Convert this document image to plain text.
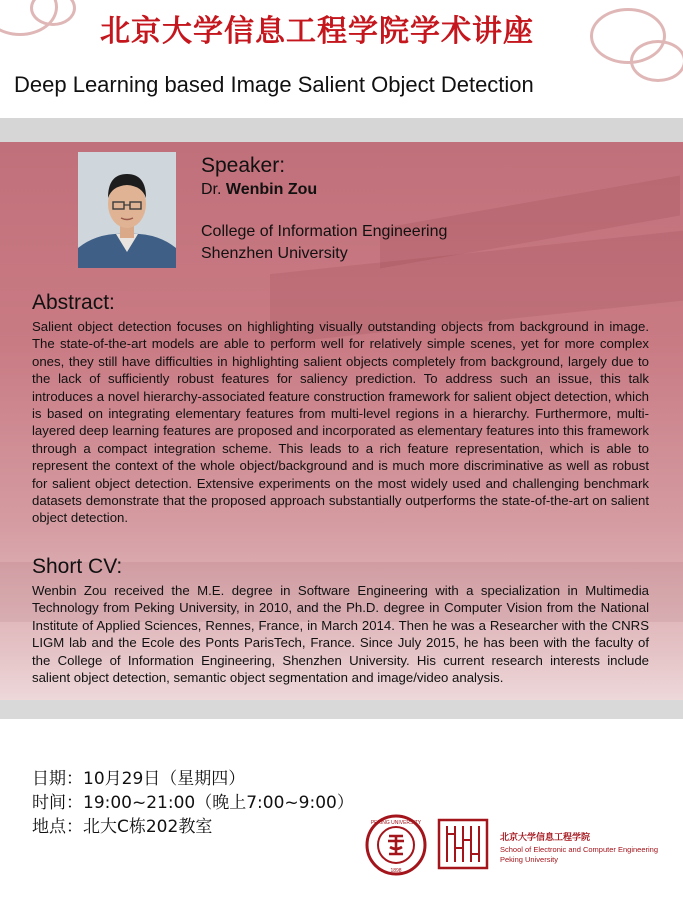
北京大学信息工程学院学术讲座
Deep Learning based Image Salient Object Detection
Speaker:
Dr. Wenbin Zou
College of Information Engineering
Shenzhen University
Abstract:
Salient object detection focuses on highlighting visually outstanding objects from background in image. The state-of-the-art models are able to perform well for relatively simple scenes, yet for more complex ones, they still have difficulties in highlighting salient objects completely from background, largely due to the lack of sufficiently robust features for saliency prediction. To address such an issue, this talk introduces a novel hierarchy-associated feature construction framework for salient object detection, which is based on integrating elementary features from multi-level regions in a hierarchy. Furthermore, multi-layered deep learning features are proposed and incorporated as elementary features into this framework through a compact integration scheme. This leads to a rich feature representation, which is able to represent the context of the whole object/background and is much more discriminative as well as robust for salient object detection. Extensive experiments on the most widely used and challenging benchmark datasets demonstrate that the proposed approach substantially outperforms the state-of-the-art on salient object detection.
Short CV:
Wenbin Zou received the M.E. degree in Software Engineering with a specialization in Multimedia Technology from Peking University, in 2010, and the Ph.D. degree in Computer Vision from the National Institute of Applied Sciences, Rennes, France, in March 2014. Then he was a Researcher with the CNRS LIGM lab and the Ecole des Ponts ParisTech, France. Since July 2015, he has been with the faculty of the College of Information Engineering, Shenzhen University. His current research interests include salient object detection, semantic object segmentation and image/video analysis.
日期：10月29日（星期四）
时间：19:00~21:00（晚上7:00~9:00）
地点：北大C栋202教室	PEKING UNIVERSITY
1898
北京大学信息工程学院
School of Electronic and Computer Engineering
Peking University
